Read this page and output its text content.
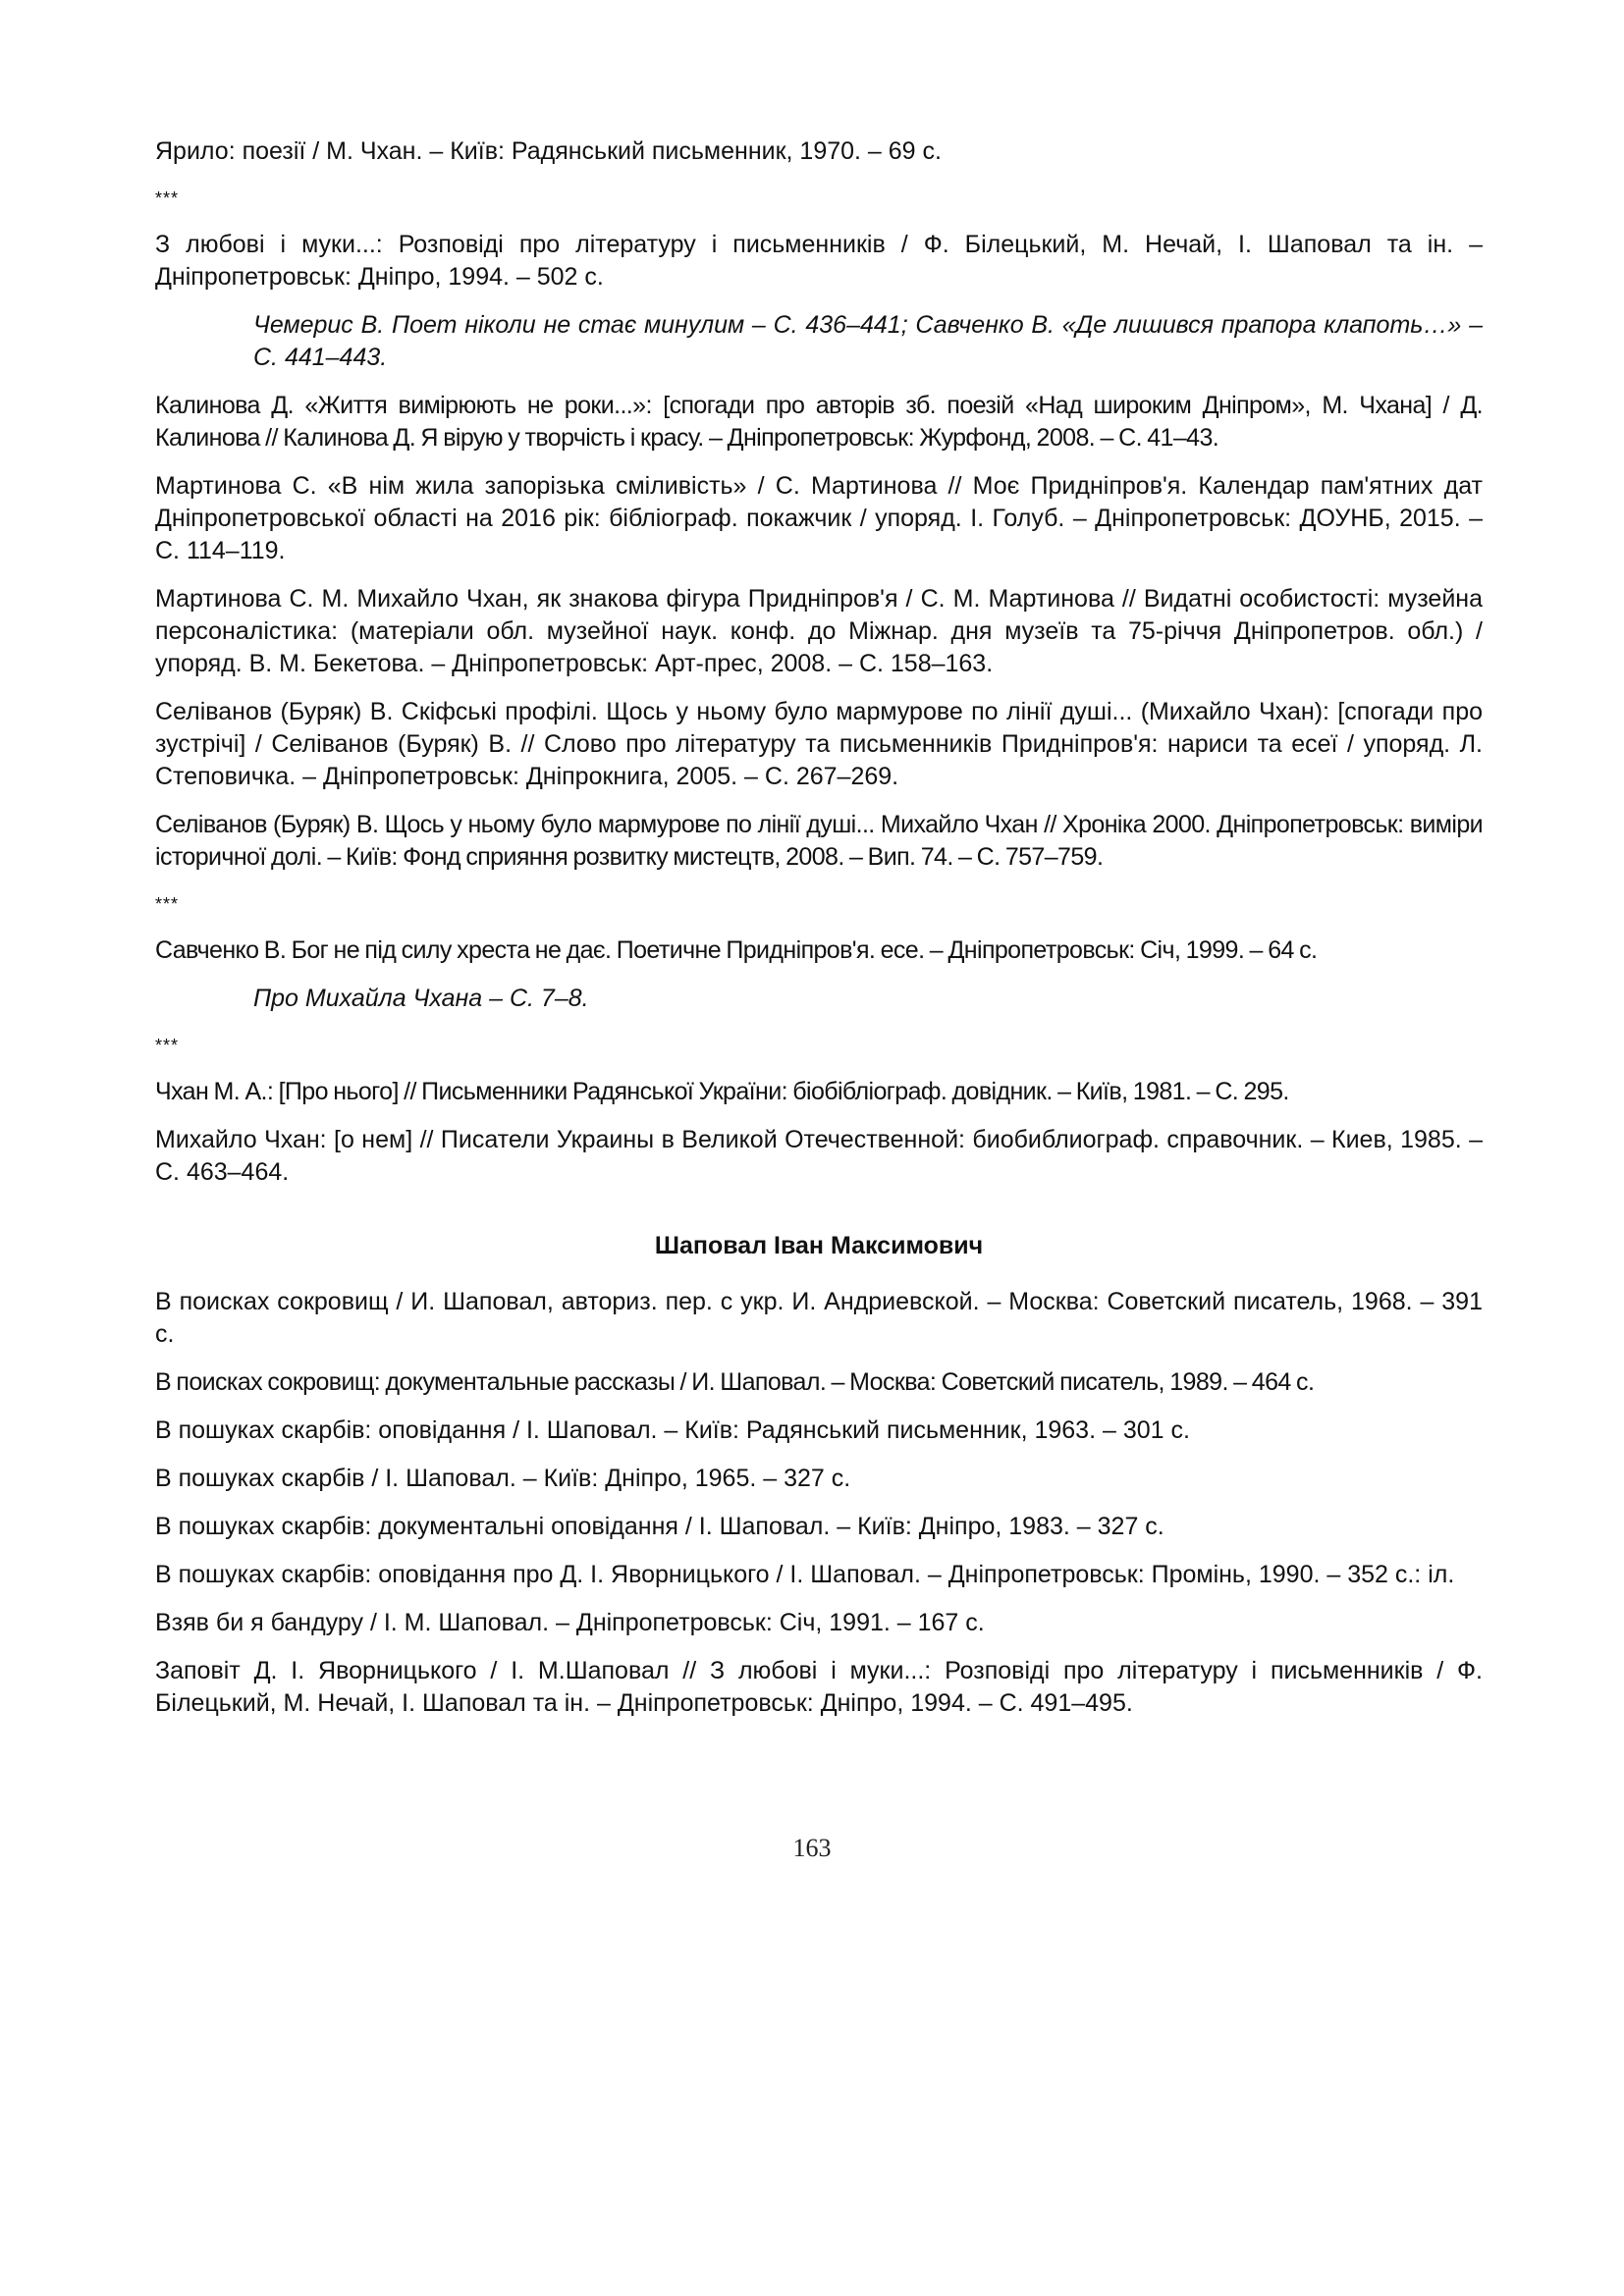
Ярило: поезії / М. Чхан. – Київ: Радянський письменник, 1970. – 69 с.
***
З любові і муки...: Розповіді про літературу і письменників / Ф. Білецький, М. Нечай, І. Шаповал та ін. – Дніпропетровськ: Дніпро, 1994. – 502 с.
Чемерис В. Поет ніколи не стає минулим – С. 436–441; Савченко В. «Де лишився прапора клапоть…» – С. 441–443.
Калинова Д. «Життя вимірюють не роки...»: [спогади про авторів зб. поезій «Над широким Дніпром», М. Чхана] / Д. Калинова // Калинова Д. Я вірую у творчість і красу. – Дніпропетровськ: Журфонд, 2008. – С. 41–43.
Мартинова С. «В нім жила запорізька сміливість» / С. Мартинова // Моє Придніпров'я. Календар пам'ятних дат Дніпропетровської області на 2016 рік: бібліограф. покажчик / упоряд. І. Голуб. – Дніпропетровськ: ДОУНБ, 2015. – С. 114–119.
Мартинова С. М. Михайло Чхан, як знакова фігура Придніпров'я / С. М. Мартинова // Видатні особистості: музейна персоналістика: (матеріали обл. музейної наук. конф. до Міжнар. дня музеїв та 75-річчя Дніпропетров. обл.) / упоряд. В. М. Бекетова. – Дніпропетровськ: Арт-прес, 2008. – С. 158–163.
Селіванов (Буряк) В. Скіфські профілі. Щось у ньому було мармурове по лінії душі... (Михайло Чхан): [спогади про зустрічі] / Селіванов (Буряк) В. // Слово про літературу та письменників Придніпров'я: нариси та есеї / упоряд. Л. Степовичка. – Дніпропетровськ: Дніпрокнига, 2005. – С. 267–269.
Селіванов (Буряк) В. Щось у ньому було мармурове по лінії душі... Михайло Чхан // Хроніка 2000. Дніпропетровськ: виміри історичної долі. – Київ: Фонд сприяння розвитку мистецтв, 2008. – Вип. 74. – С. 757–759.
***
Савченко В. Бог не під силу хреста не дає. Поетичне Придніпров'я. есе. – Дніпропетровськ: Січ, 1999. – 64 с.
Про Михайла Чхана – С. 7–8.
***
Чхан М. А.: [Про нього] // Письменники Радянської України: біобібліограф. довідник. – Київ, 1981. – С. 295.
Михайло Чхан: [о нем] // Писатели Украины в Великой Отечественной: биобиблиограф. справочник. – Киев, 1985. – С. 463–464.
Шаповал Іван Максимович
В поисках сокровищ / И. Шаповал, авториз. пер. с укр. И. Андриевской. – Москва: Советский писатель, 1968. – 391 с.
В поисках сокровищ: документальные рассказы / И. Шаповал. – Москва: Советский писатель, 1989. – 464 с.
В пошуках скарбів: оповідання / І. Шаповал. – Київ: Радянський письменник, 1963. – 301 с.
В пошуках скарбів / І. Шаповал. – Київ: Дніпро, 1965. – 327 с.
В пошуках скарбів: документальні оповідання / І. Шаповал. – Київ: Дніпро, 1983. – 327 с.
В пошуках скарбів: оповідання про Д. І. Яворницького / І. Шаповал. – Дніпропетровськ: Промінь, 1990. – 352 с.: іл.
Взяв би я бандуру / І. М. Шаповал. – Дніпропетровськ: Січ, 1991. – 167 с.
Заповіт Д. І. Яворницького / І. М.Шаповал // З любові і муки...: Розповіді про літературу і письменників / Ф. Білецький, М. Нечай, І. Шаповал та ін. – Дніпропетровськ: Дніпро, 1994. – С. 491–495.
163
